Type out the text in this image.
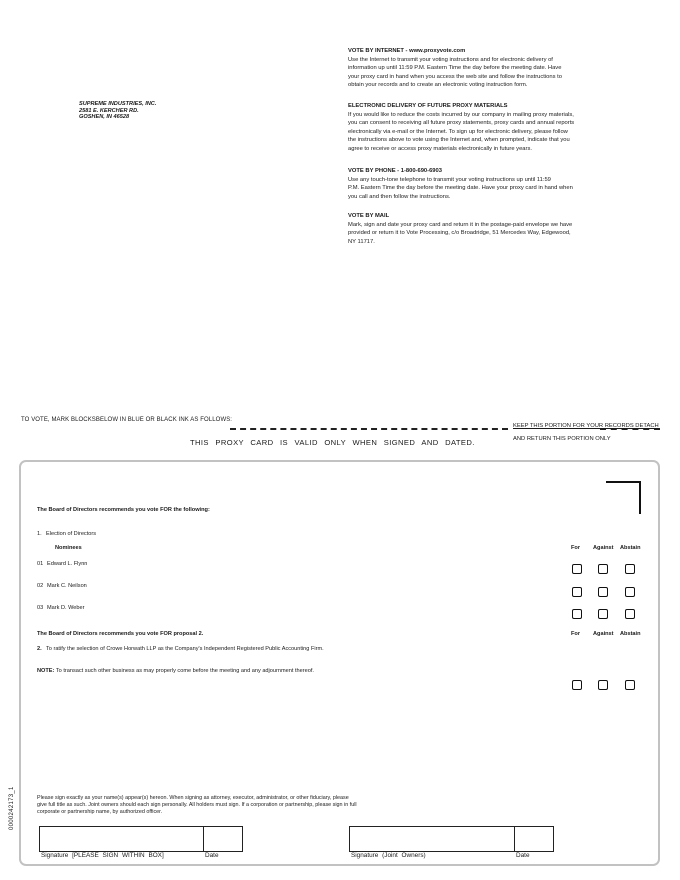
SUPREME INDUSTRIES, INC.
2581 E. KERCHER RD.
GOSHEN, IN 46528
VOTE BY INTERNET - www.proxyvote.com
Use the Internet to transmit your voting instructions and for electronic delivery of
information up until 11:59 P.M. Eastern Time the day before the meeting date. Have
your proxy card in hand when you access the web site and follow the instructions to
obtain your records and to create an electronic voting instruction form.
ELECTRONIC DELIVERY OF FUTURE PROXY MATERIALS
If you would like to reduce the costs incurred by our company in mailing proxy materials,
you can consent to receiving all future proxy statements, proxy cards and annual reports
electronically via e-mail or the Internet. To sign up for electronic delivery, please follow
the instructions above to vote using the Internet and, when prompted, indicate that you
agree to receive or access proxy materials electronically in future years.
VOTE BY PHONE - 1-800-690-6903
Use any touch-tone telephone to transmit your voting instructions up until 11:59
P.M. Eastern Time the day before the meeting date. Have your proxy card in hand when
you call and then follow the instructions.
VOTE BY MAIL
Mark, sign and date your proxy card and return it in the postage-paid envelope we have
provided or return it to Vote Processing, c/o Broadridge, 51 Mercedes Way, Edgewood,
NY 11717.
TO VOTE, MARK BLOCKSBELOW IN BLUE OR BLACK INK AS FOLLOWS:
KEEP THIS PORTION FOR YOUR RECORDS DETACH
AND RETURN THIS PORTION ONLY
THIS PROXY CARD IS VALID ONLY WHEN SIGNED AND DATED.
The Board of Directors recommends you vote FOR the following:
1. Election of Directors
Nominees	For Against Abstain
01 Edward L. Flynn
02 Mark C. Neilson
03 Mark D. Weber
The Board of Directors recommends you vote FOR proposal 2.	For Against Abstain
2. To ratify the selection of Crowe Horwath LLP as the Company's Independent Registered Public Accounting Firm.
NOTE: To transact such other business as may properly come before the meeting and any adjournment thereof.
Please sign exactly as your name(s) appear(s) hereon. When signing as attorney, executor, administrator, or other fiduciary, please give full title as such. Joint owners should each sign personally. All holders must sign. If a corporation or partnership, please sign in full corporate or partnership name, by authorized officer.
Signature [PLEASE SIGN WITHIN BOX]	Date	Signature (Joint Owners)	Date
0000242173_1
